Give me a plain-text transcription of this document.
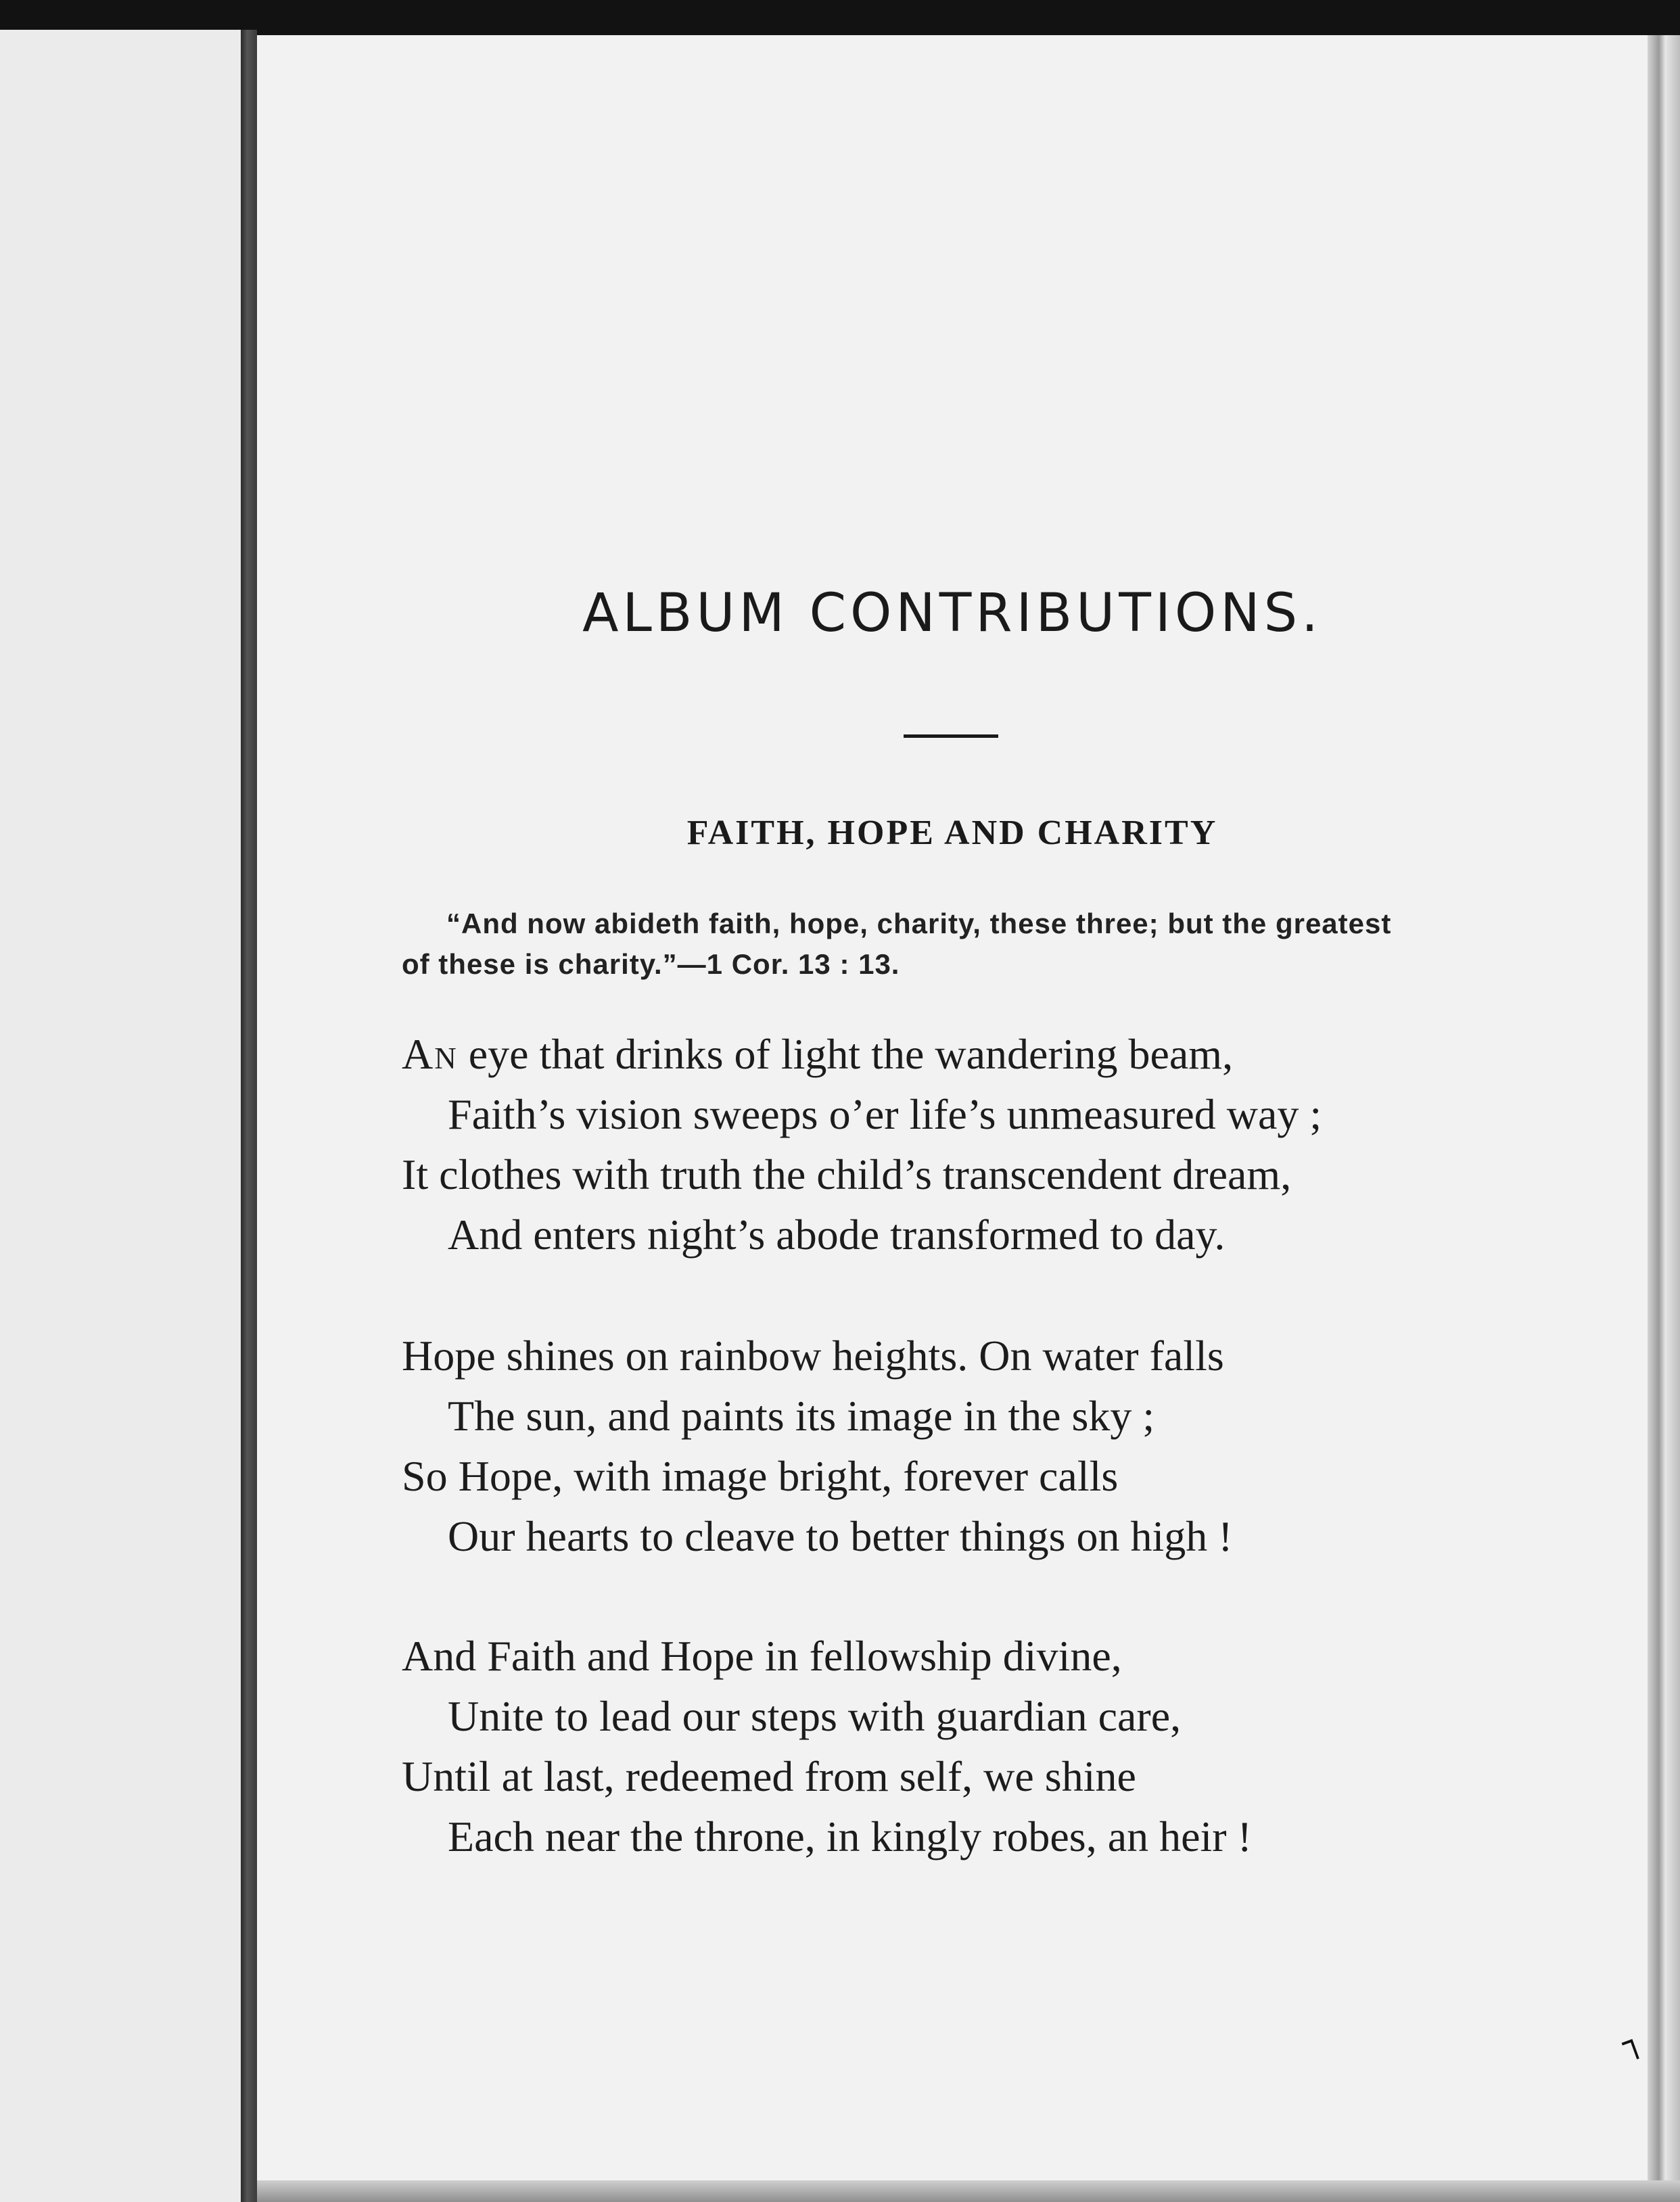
ALBUM CONTRIBUTIONS.
FAITH, HOPE AND CHARITY

“And now abideth faith, hope, charity, these three; but the greatest
of these is charity.”—1 Cor. 13 : 13.

An eye that drinks of light the wandering beam,
Faith’s vision sweeps o’er life’s unmeasured way ;
It clothes with truth the child’s transcendent dream,
And enters night’s abode transformed to day.

Hope shines on rainbow heights. On water falls
The sun, and paints its image in the sky ;
So Hope, with image bright, forever calls
Our hearts to cleave to better things on high !

And Faith and Hope in fellowship divine,
Unite to lead our steps with guardian care,
Until at last, redeemed from self, we shine
Each near the throne, in kingly robes, an heir !

┐
